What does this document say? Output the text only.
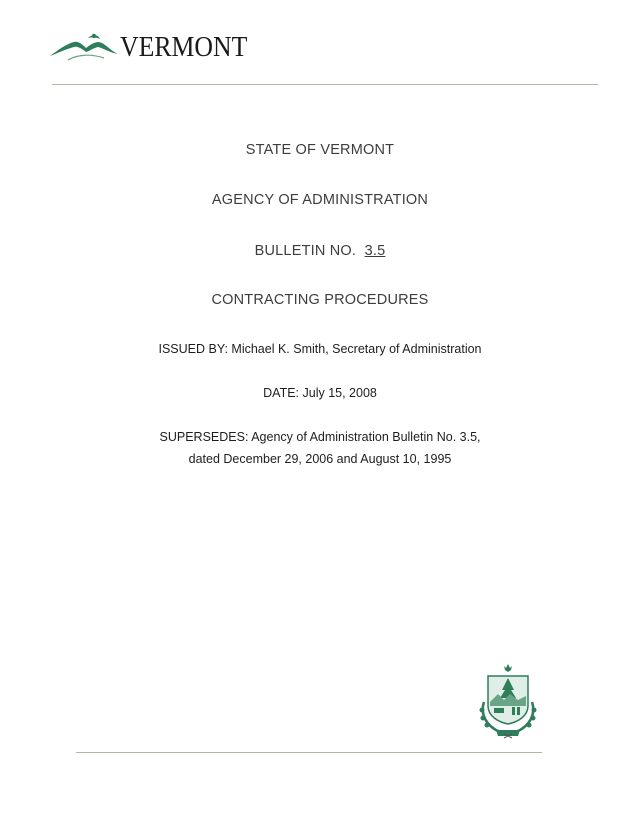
VERMONT
STATE OF VERMONT
AGENCY OF ADMINISTRATION
BULLETIN NO. 3.5
CONTRACTING PROCEDURES
ISSUED BY: Michael K. Smith, Secretary of Administration
DATE: July 15, 2008
SUPERSEDES: Agency of Administration Bulletin No. 3.5,
dated December 29, 2006 and August 10, 1995
